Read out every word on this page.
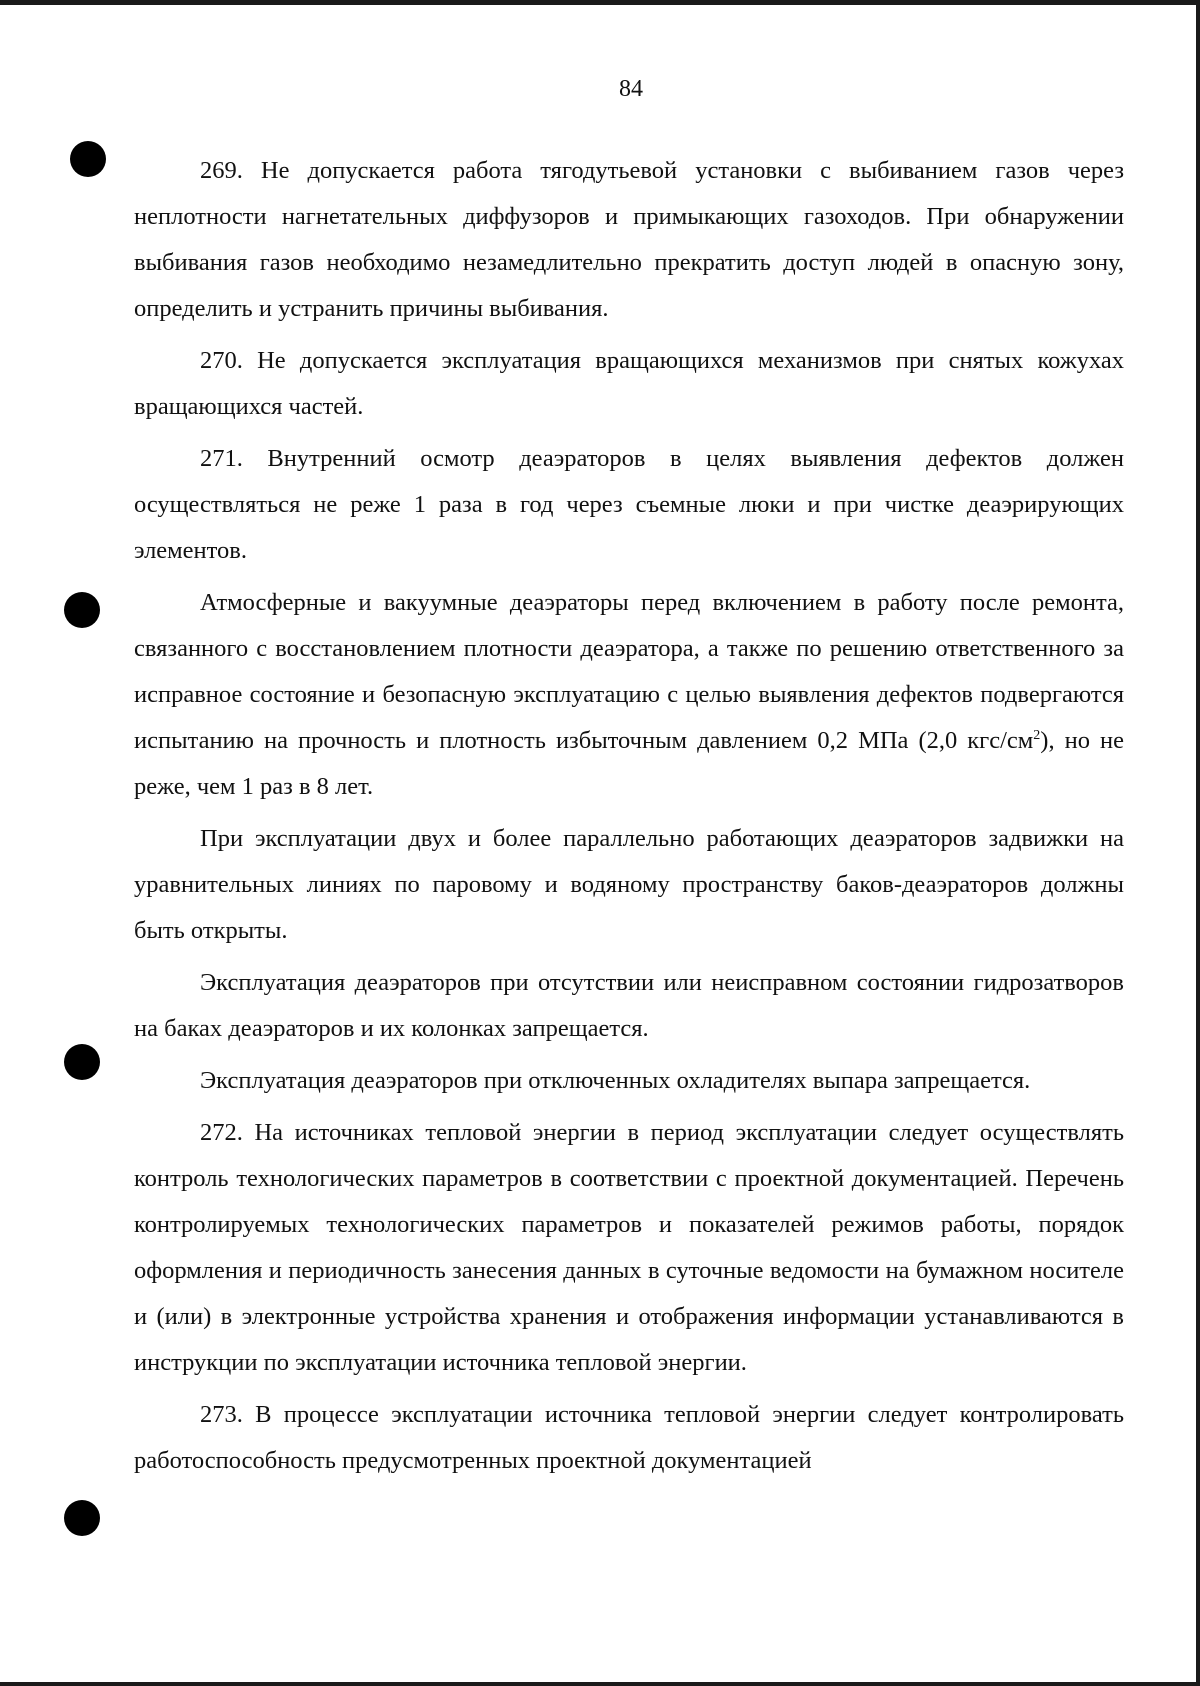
84

269. Не допускается работа тягодутьевой установки с выбиванием газов через неплотности нагнетательных диффузоров и примыкающих газоходов. При обнаружении выбивания газов необходимо незамедлительно прекратить доступ людей в опасную зону, определить и устранить причины выбивания.

270. Не допускается эксплуатация вращающихся механизмов при снятых кожухах вращающихся частей.

271. Внутренний осмотр деаэраторов в целях выявления дефектов должен осуществляться не реже 1 раза в год через съемные люки и при чистке деаэрирующих элементов.

Атмосферные и вакуумные деаэраторы перед включением в работу после ремонта, связанного с восстановлением плотности деаэратора, а также по решению ответственного за исправное состояние и безопасную эксплуатацию с целью выявления дефектов подвергаются испытанию на прочность и плотность избыточным давлением 0,2 МПа (2,0 кгс/$см^2$), но не реже, чем 1 раз в 8 лет.

При эксплуатации двух и более параллельно работающих деаэраторов задвижки на уравнительных линиях по паровому и водяному пространству баков-деаэраторов должны быть открыты.

Эксплуатация деаэраторов при отсутствии или неисправном состоянии гидрозатворов на баках деаэраторов и их колонках запрещается.

Эксплуатация деаэраторов при отключенных охладителях выпара запрещается.

272. На источниках тепловой энергии в период эксплуатации следует осуществлять контроль технологических параметров в соответствии с проектной документацией. Перечень контролируемых технологических параметров и показателей режимов работы, порядок оформления и периодичность занесения данных в суточные ведомости на бумажном носителе и (или) в электронные устройства хранения и отображения информации устанавливаются в инструкции по эксплуатации источника тепловой энергии.

273. В процессе эксплуатации источника тепловой энергии следует контролировать работоспособность предусмотренных проектной документацией
